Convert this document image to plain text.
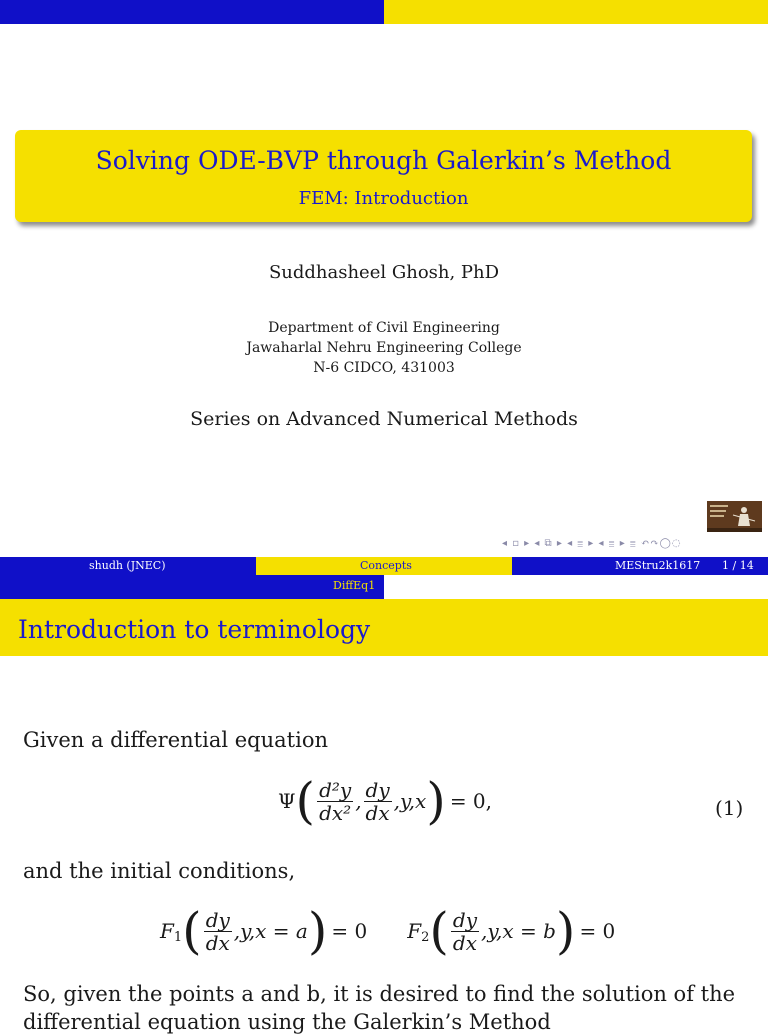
Solving ODE-BVP through Galerkin’s Method
FEM: Introduction
Suddhasheel Ghosh, PhD
Department of Civil Engineering
Jawaharlal Nehru Engineering College
N-6 CIDCO, 431003
Series on Advanced Numerical Methods
◂ ▫ ▸ ◂ ⧉ ▸ ◂ ≣ ▸ ◂ ≣ ▸ ≣ ↶↷◯◌
shudh (JNEC)	Concepts	MEStru2k1617 1 / 14
DiffEq1
Introduction to terminology
Given a differential equation
Ψ ( $\frac{\text{d²y}}{\text{dx²}}$ , $\frac{dy}{dx} ,y,x$ ) = 0,	(1)
and the initial conditions,
F 1 ( $\frac{dy}{dx} ,y,x = a$ ) = 0 F 2 ( $\frac{dy}{dx} ,y,x = b$ ) = 0
So, given the points a and b, it is desired to find the solution of the
differential equation using the Galerkin’s Method
